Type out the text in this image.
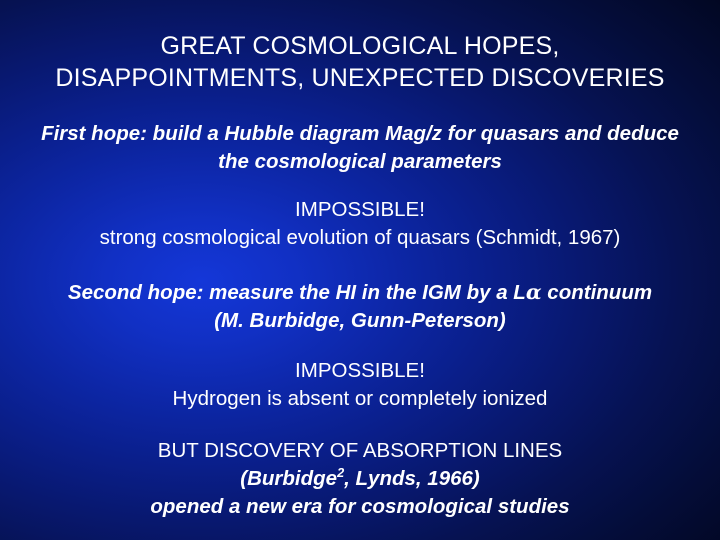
GREAT COSMOLOGICAL HOPES,
DISAPPOINTMENTS, UNEXPECTED DISCOVERIES
First hope: build a Hubble diagram Mag/z for quasars and deduce
the cosmological parameters
IMPOSSIBLE!
strong cosmological evolution of quasars (Schmidt, 1967)
Second hope: measure the HI in the IGM by a Lα continuum
(M. Burbidge, Gunn-Peterson)
IMPOSSIBLE!
Hydrogen is absent or completely ionized
BUT DISCOVERY OF ABSORPTION LINES
(Burbidge$^2$, Lynds, 1966)
opened a new era for cosmological studies
